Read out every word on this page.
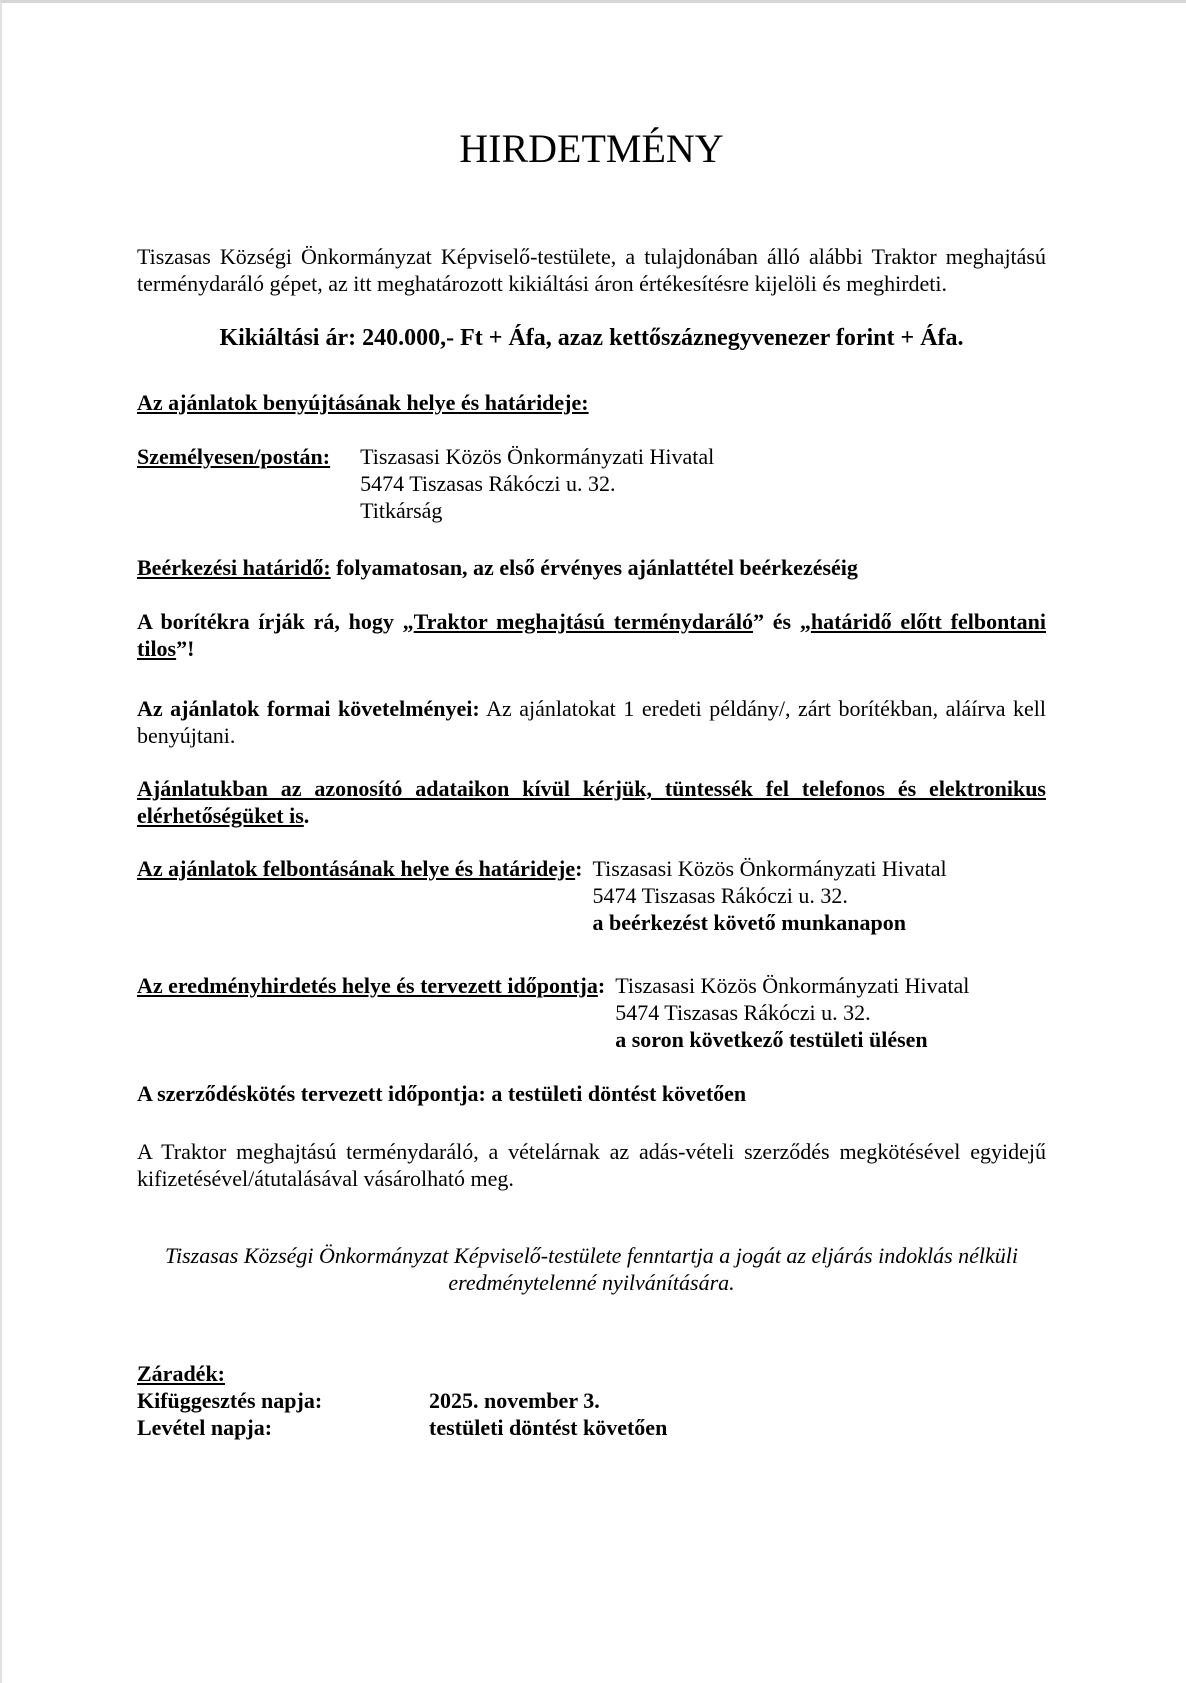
HIRDETMÉNY

Tiszasas Községi Önkormányzat Képviselő-testülete, a tulajdonában álló alábbi Traktor meghajtású terménydaráló gépet, az itt meghatározott kikiáltási áron értékesítésre kijelöli és meghirdeti.

Kikiáltási ár: 240.000,- Ft + Áfa, azaz kettőszáznegyvenezer forint + Áfa.

Az ajánlatok benyújtásának helye és határideje:

Személyesen/postán: Tiszasasi Közös Önkormányzati Hivatal
5474 Tiszasas Rákóczi u. 32.
Titkárság

Beérkezési határidő: folyamatosan, az első érvényes ajánlattétel beérkezéséig

A borítékra írják rá, hogy „Traktor meghajtású terménydaráló” és „határidő előtt felbontani tilos”!

Az ajánlatok formai követelményei: Az ajánlatokat 1 eredeti példány/, zárt borítékban, aláírva kell benyújtani.

Ajánlatukban az azonosító adataikon kívül kérjük, tüntessék fel telefonos és elektronikus elérhetőségüket is.

Az ajánlatok felbontásának helye és határideje: Tiszasasi Közös Önkormányzati Hivatal
5474 Tiszasas Rákóczi u. 32.
a beérkezést követő munkanapon
Az eredményhirdetés helye és tervezett időpontja: Tiszasasi Közös Önkormányzati Hivatal
5474 Tiszasas Rákóczi u. 32.
a soron következő testületi ülésen

A szerződéskötés tervezett időpontja: a testületi döntést követően

A Traktor meghajtású terménydaráló, a vételárnak az adás-vételi szerződés megkötésével egyidejű kifizetésével/átutalásával vásárolható meg.

Tiszasas Községi Önkormányzat Képviselő-testülete fenntartja a jogát az eljárás indoklás nélküli eredménytelenné nyilvánítására.

Záradék:
Kifüggesztés napja:	2025. november 3.
Levétel napja:	testületi döntést követően
